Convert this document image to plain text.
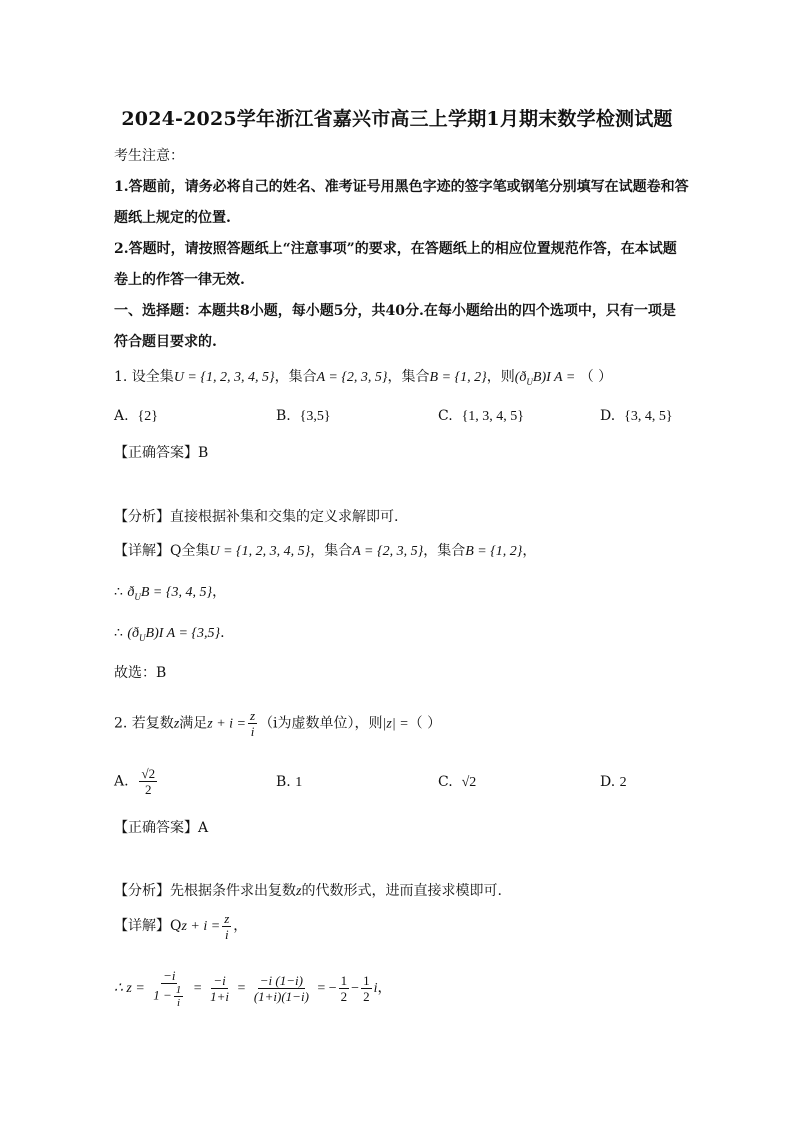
2024-2025学年浙江省嘉兴市高三上学期1月期末数学检测试题
考生注意：
1.答题前，请务必将自己的姓名、准考证号用黑色字迹的签字笔或钢笔分别填写在试题卷和答
题纸上规定的位置.
2.答题时，请按照答题纸上“注意事项”的要求，在答题纸上的相应位置规范作答，在本试题
卷上的作答一律无效.
一、选择题：本题共8小题，每小题5分，共40分.在每小题给出的四个选项中，只有一项是
符合题目要求的.
1. 设全集U = {1, 2, 3, 4, 5}，集合A = {2, 3, 5}，集合B = {1, 2}，则$(ð_UB)I$ A = （ ）
A. {2}	B. {3,5}	C. {1, 3, 4, 5}	D. {3, 4, 5}
【正确答案】B
【分析】直接根据补集和交集的定义求解即可.
【详解】Q全集U = {1, 2, 3, 4, 5}，集合A = {2, 3, 5}，集合B = {1, 2}，
∴ $ð_UB = \{3$, 4, 5}，
∴ $(ð_UB)I$ A = {3,5}.
故选：B
2. 若复数z满足$z + i = \frac{z}{i} (i$为虚数单位），则|z| =（ ）
A. $\frac{√2}{2}$	B. 1	C. √2	D. 2
【正确答案】A
【分析】先根据条件求出复数z的代数形式，进而直接求模即可.
【详解】$Qz + i = \frac{z}{i}$ ，
∴ $z = \frac{-i}{1 - \frac{1}{i}} = \frac{-i}{1+i} = \frac{-i (1-i)}{(1+i)(1-i)}$ = − $\frac{1}{2} - \frac{1}{2}$ i，
